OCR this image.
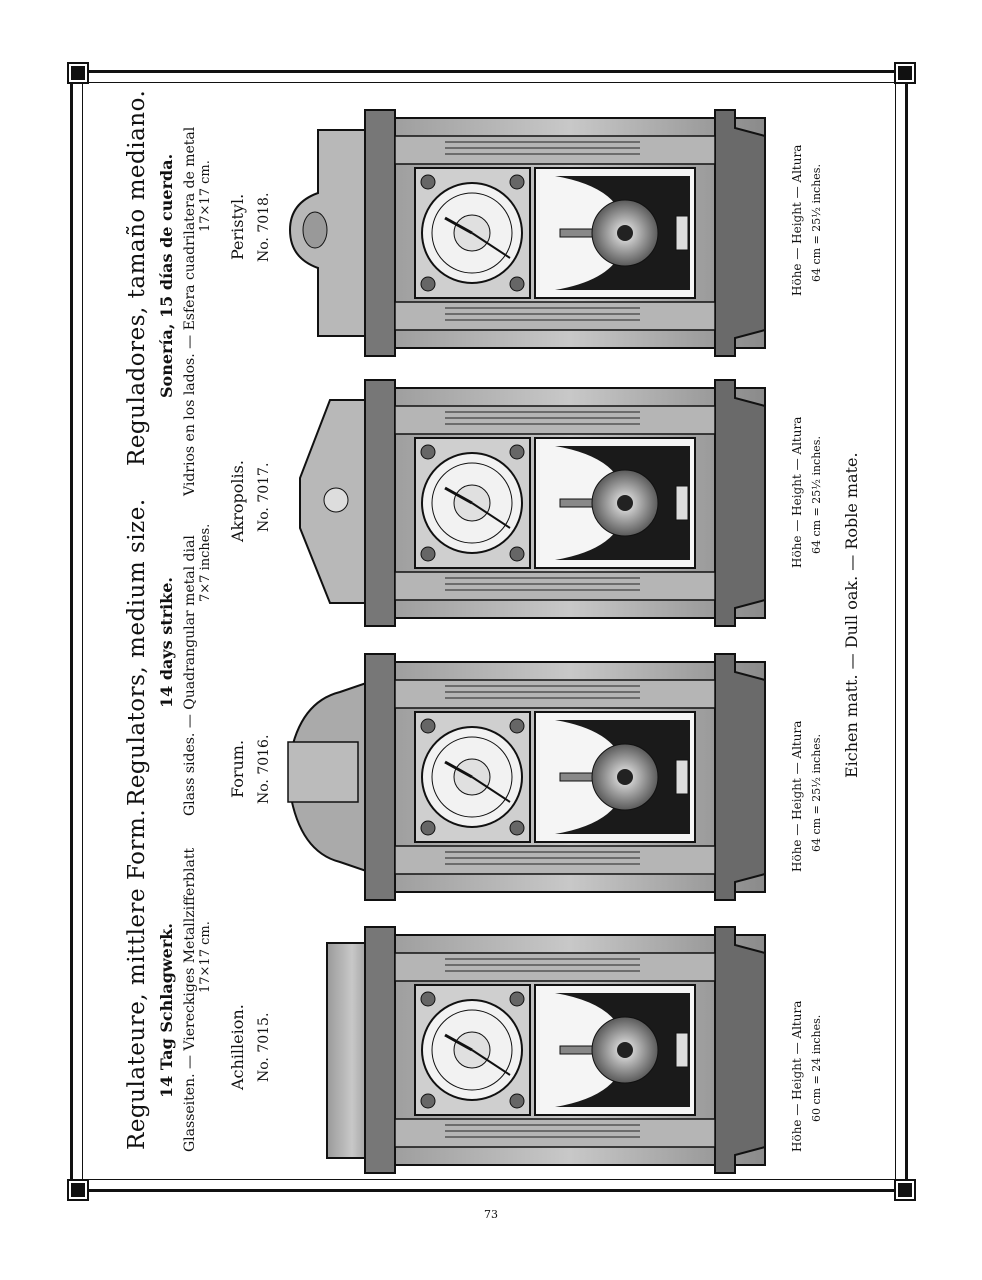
Regulateure, mittlere Form. 14 Tag Schlagwerk. Glasseiten. — Viereckiges Metallzifferblatt 17×17 cm.
Regulators, medium size. 14 days strike. Glass sides. — Quadrangular metal dial 7×7 inches.
Reguladores, tamaño mediano. Sonería, 15 días de cuerda. Vidrios en los lados. — Esfera cuadrilatera de metal 17×17 cm.
Achilleion. No. 7015.
Forum. No. 7016.
Akropolis. No. 7017.
Peristyl. No. 7018.
Höhe — Height — Altura 60 cm = 24 inches.
Höhe — Height — Altura 64 cm = 25½ inches.
Höhe — Height — Altura 64 cm = 25½ inches.
Höhe — Height — Altura 64 cm = 25½ inches.
Eichen matt. — Dull oak. — Roble mate.
73
